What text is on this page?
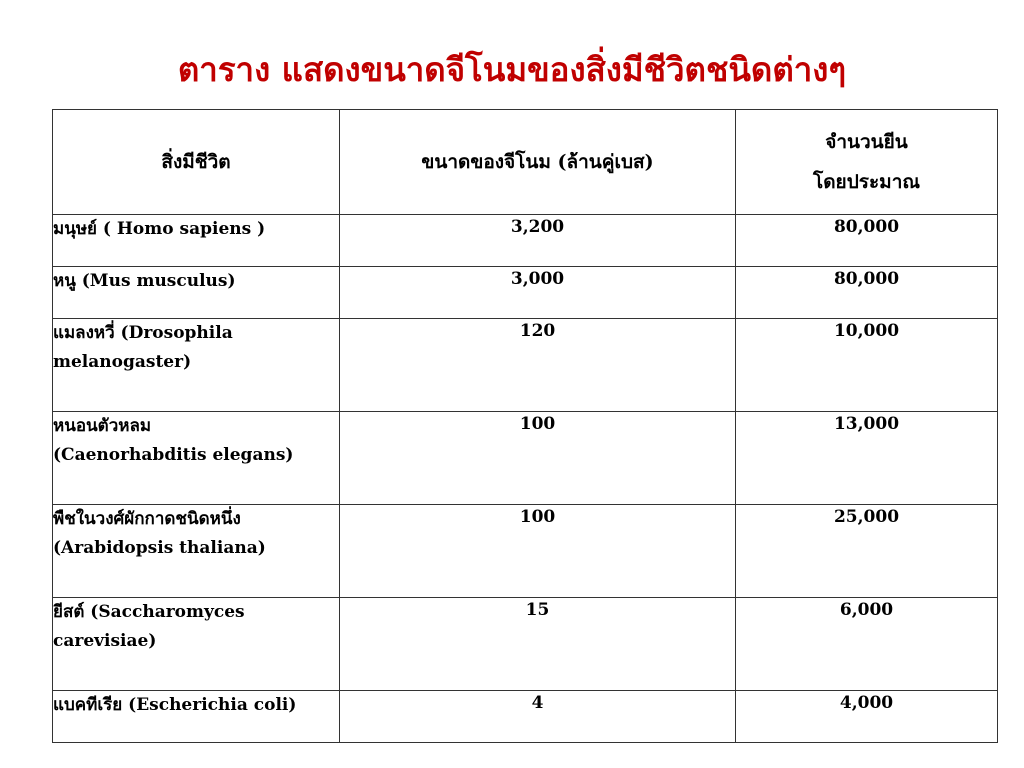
ตาราง แสดงขนาดจีโนมของสิ่งมีชีวิตชนิดต่างๆ
สิ่งมีชีวิต	ขนาดของจีโนม (ล้านคู่เบส)	จำนวนยีน
โดยประมาณ

มนุษย์ ( Homo sapiens )	3,200	80,000

หนู (Mus musculus)	3,000	80,000

แมลงหวี่ (Drosophila
melanogaster)	120	10,000

หนอนตัวหลม
(Caenorhabditis elegans)	100	13,000

พืชในวงศ์ผักกาดชนิดหนึ่ง
(Arabidopsis thaliana)	100	25,000

ยีสต์ (Saccharomyces
carevisiae)	15	6,000

แบคทีเรีย (Escherichia coli)	4	4,000
